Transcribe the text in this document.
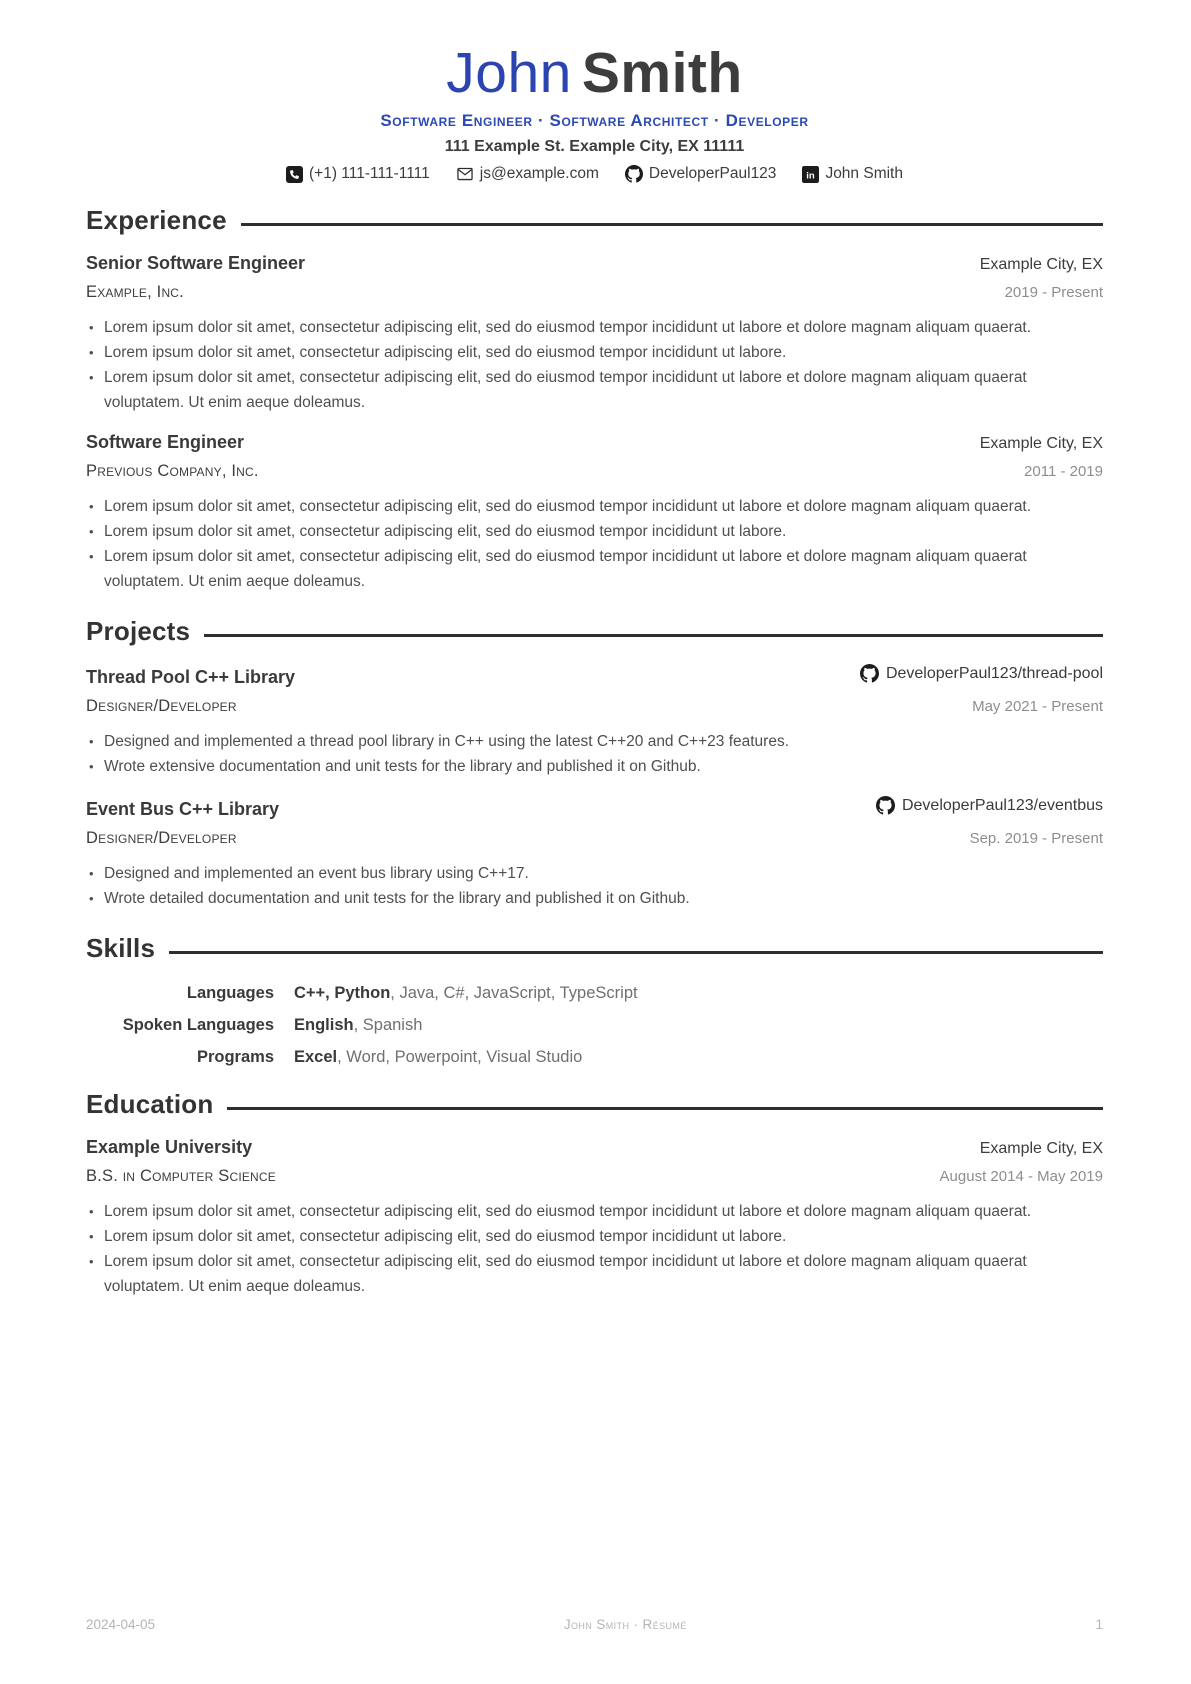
John Smith
Software Engineer · Software Architect · Developer
111 Example St. Example City, EX 11111
(+1) 111-111-1111	js@example.com	DeveloperPaul123 in John Smith
Experience
Senior Software Engineer	Example City, EX
Example, Inc.	2019 - Present
• Lorem ipsum dolor sit amet, consectetur adipiscing elit, sed do eiusmod tempor incididunt ut labore et dolore magnam aliquam quaerat.
• Lorem ipsum dolor sit amet, consectetur adipiscing elit, sed do eiusmod tempor incididunt ut labore.
• Lorem ipsum dolor sit amet, consectetur adipiscing elit, sed do eiusmod tempor incididunt ut labore et dolore magnam aliquam quaerat voluptatem. Ut enim aeque doleamus.
Software Engineer	Example City, EX
Previous Company, Inc.	2011 - 2019
• Lorem ipsum dolor sit amet, consectetur adipiscing elit, sed do eiusmod tempor incididunt ut labore et dolore magnam aliquam quaerat.
• Lorem ipsum dolor sit amet, consectetur adipiscing elit, sed do eiusmod tempor incididunt ut labore.
• Lorem ipsum dolor sit amet, consectetur adipiscing elit, sed do eiusmod tempor incididunt ut labore et dolore magnam aliquam quaerat voluptatem. Ut enim aeque doleamus.
Projects
Thread Pool C++ Library	DeveloperPaul123/thread-pool
Designer/Developer	May 2021 - Present
• Designed and implemented a thread pool library in C++ using the latest C++20 and C++23 features.
• Wrote extensive documentation and unit tests for the library and published it on Github.
Event Bus C++ Library	DeveloperPaul123/eventbus
Designer/Developer	Sep. 2019 - Present
• Designed and implemented an event bus library using C++17.
• Wrote detailed documentation and unit tests for the library and published it on Github.
Skills
Languages C++, Python, Java, C#, JavaScript, TypeScript
Spoken Languages English, Spanish
Programs Excel, Word, Powerpoint, Visual Studio
Education
Example University	Example City, EX
B.S. in Computer Science	August 2014 - May 2019
• Lorem ipsum dolor sit amet, consectetur adipiscing elit, sed do eiusmod tempor incididunt ut labore et dolore magnam aliquam quaerat.
• Lorem ipsum dolor sit amet, consectetur adipiscing elit, sed do eiusmod tempor incididunt ut labore.
• Lorem ipsum dolor sit amet, consectetur adipiscing elit, sed do eiusmod tempor incididunt ut labore et dolore magnam aliquam quaerat voluptatem. Ut enim aeque doleamus.
2024-04-05	John Smith · Résumé	1
